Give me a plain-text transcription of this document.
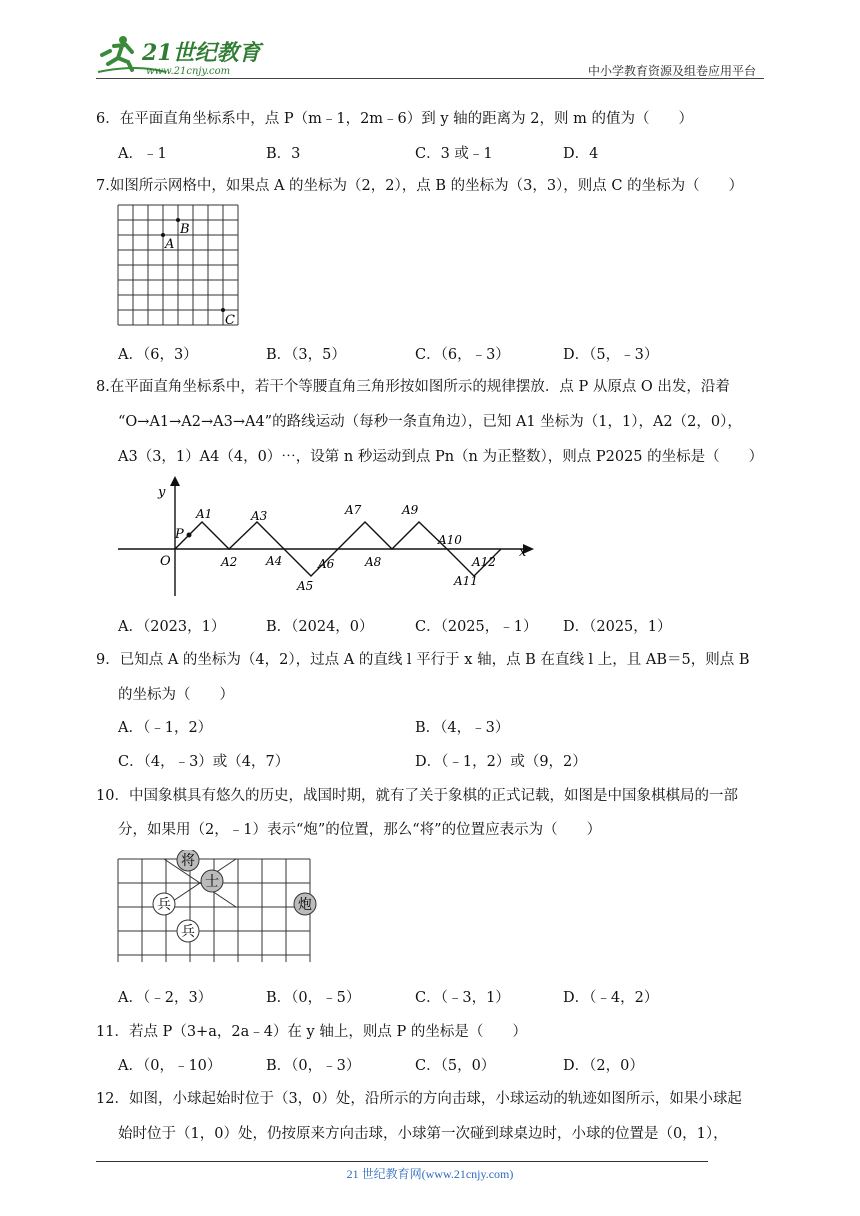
21世纪教育
www.21cnjy.com	中小学教育资源及组卷应用平台
6．在平面直角坐标系中，点 P（m﹣1，2m﹣6）到 y 轴的距离为 2，则 m 的值为（　　）
A．﹣1	B．3	C．3 或﹣1	D．4
7.如图所示网格中，如果点 A 的坐标为（2，2），点 B 的坐标为（3，3），则点 C 的坐标为（　　）
B
A
C
A．（6，3）	B．（3，5）	C．（6，﹣3）	D．（5，﹣3）
8.在平面直角坐标系中，若干个等腰直角三角形按如图所示的规律摆放．点 P 从原点 O 出发，沿着
“O→A1→A2→A3→A4”的路线运动（每秒一条直角边），已知 A1 坐标为（1，1），A2（2，0），
A3（3，1）A4（4，0）⋯，设第 n 秒运动到点 Pn（n 为正整数），则点 P2025 的坐标是（　　）
y
x
O
P
A1
A2
A3
A4
A5
A6
A7
A8
A9
A10
A11
A12
A．（2023，1）	B．（2024，0）	C．（2025，﹣1） D．（2025，1）
9．已知点 A 的坐标为（4，2），过点 A 的直线 l 平行于 x 轴，点 B 在直线 l 上，且 AB＝5，则点 B
的坐标为（　　）
A．（﹣1，2）	B．（4，﹣3）
C．（4，﹣3）或（4，7）	D．（﹣1，2）或（9，2）
10．中国象棋具有悠久的历史，战国时期，就有了关于象棋的正式记载，如图是中国象棋棋局的一部
分，如果用（2，﹣1）表示“炮”的位置，那么“将”的位置应表示为（　　）
将
士
兵	炮
兵
A．（﹣2，3）	B．（0，﹣5）	C．（﹣3，1）	D．（﹣4，2）
11．若点 P（3+a，2a﹣4）在 y 轴上，则点 P 的坐标是（　　）
A．（0，﹣10）	B．（0，﹣3）	C．（5，0）	D．（2，0）
12．如图，小球起始时位于（3，0）处，沿所示的方向击球，小球运动的轨迹如图所示，如果小球起
始时位于（1，0）处，仍按原来方向击球，小球第一次碰到球桌边时，小球的位置是（0，1），
21 世纪教育网(www.21cnjy.com)
